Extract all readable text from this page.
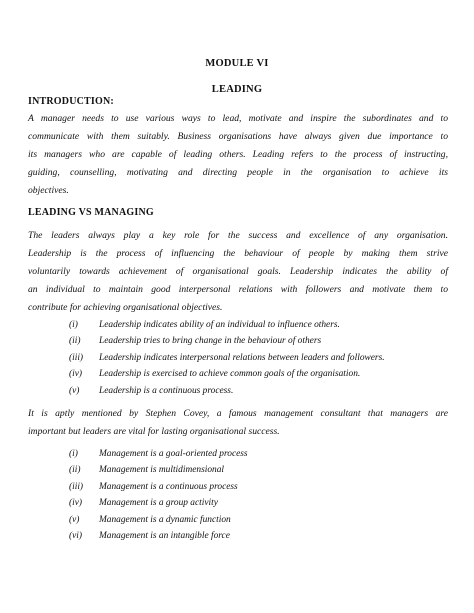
MODULE VI
LEADING
INTRODUCTION:

A manager needs to use various ways to lead, motivate and inspire the subordinates and to
communicate with them suitably. Business organisations have always given due importance to
its managers who are capable of leading others. Leading refers to the process of instructing,
guiding, counselling, motivating and directing people in the organisation to achieve its
objectives.

LEADING VS MANAGING

The leaders always play a key role for the success and excellence of any organisation.
Leadership is the process of influencing the behaviour of people by making them strive
voluntarily towards achievement of organisational goals. Leadership indicates the ability of
an individual to maintain good interpersonal relations with followers and motivate them to
contribute for achieving organisational objectives.

(i) Leadership indicates ability of an individual to influence others.
(ii) Leadership tries to bring change in the behaviour of others
(iii) Leadership indicates interpersonal relations between leaders and followers.
(iv) Leadership is exercised to achieve common goals of the organisation.
(v) Leadership is a continuous process.

It is aptly mentioned by Stephen Covey, a famous management consultant that managers are
important but leaders are vital for lasting organisational success.

(i) Management is a goal-oriented process
(ii) Management is multidimensional
(iii) Management is a continuous process
(iv) Management is a group activity
(v) Management is a dynamic function
(vi) Management is an intangible force
